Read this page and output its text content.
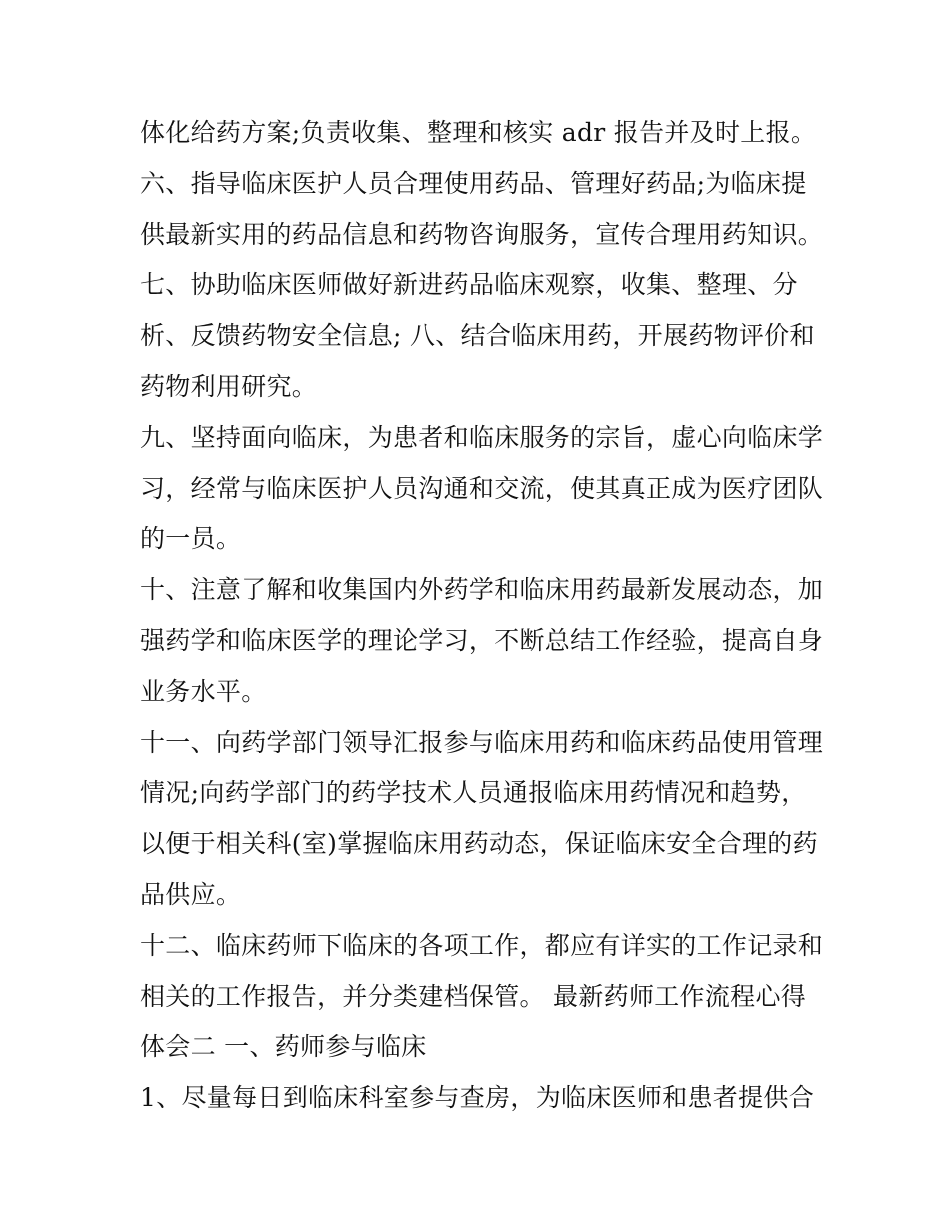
体化给药方案;负责收集、整理和核实 adr 报告并及时上报。
六、指导临床医护人员合理使用药品、管理好药品;为临床提
供最新实用的药品信息和药物咨询服务，宣传合理用药知识。
七、协助临床医师做好新进药品临床观察，收集、整理、分
析、反馈药物安全信息; 八、结合临床用药，开展药物评价和
药物利用研究。
九、坚持面向临床，为患者和临床服务的宗旨，虚心向临床学
习，经常与临床医护人员沟通和交流，使其真正成为医疗团队
的一员。
十、注意了解和收集国内外药学和临床用药最新发展动态，加
强药学和临床医学的理论学习，不断总结工作经验，提高自身
业务水平。
十一、向药学部门领导汇报参与临床用药和临床药品使用管理
情况;向药学部门的药学技术人员通报临床用药情况和趋势，
以便于相关科(室)掌握临床用药动态，保证临床安全合理的药
品供应。
十二、临床药师下临床的各项工作，都应有详实的工作记录和
相关的工作报告，并分类建档保管。 最新药师工作流程心得
体会二 一、药师参与临床
1、尽量每日到临床科室参与查房，为临床医师和患者提供合
